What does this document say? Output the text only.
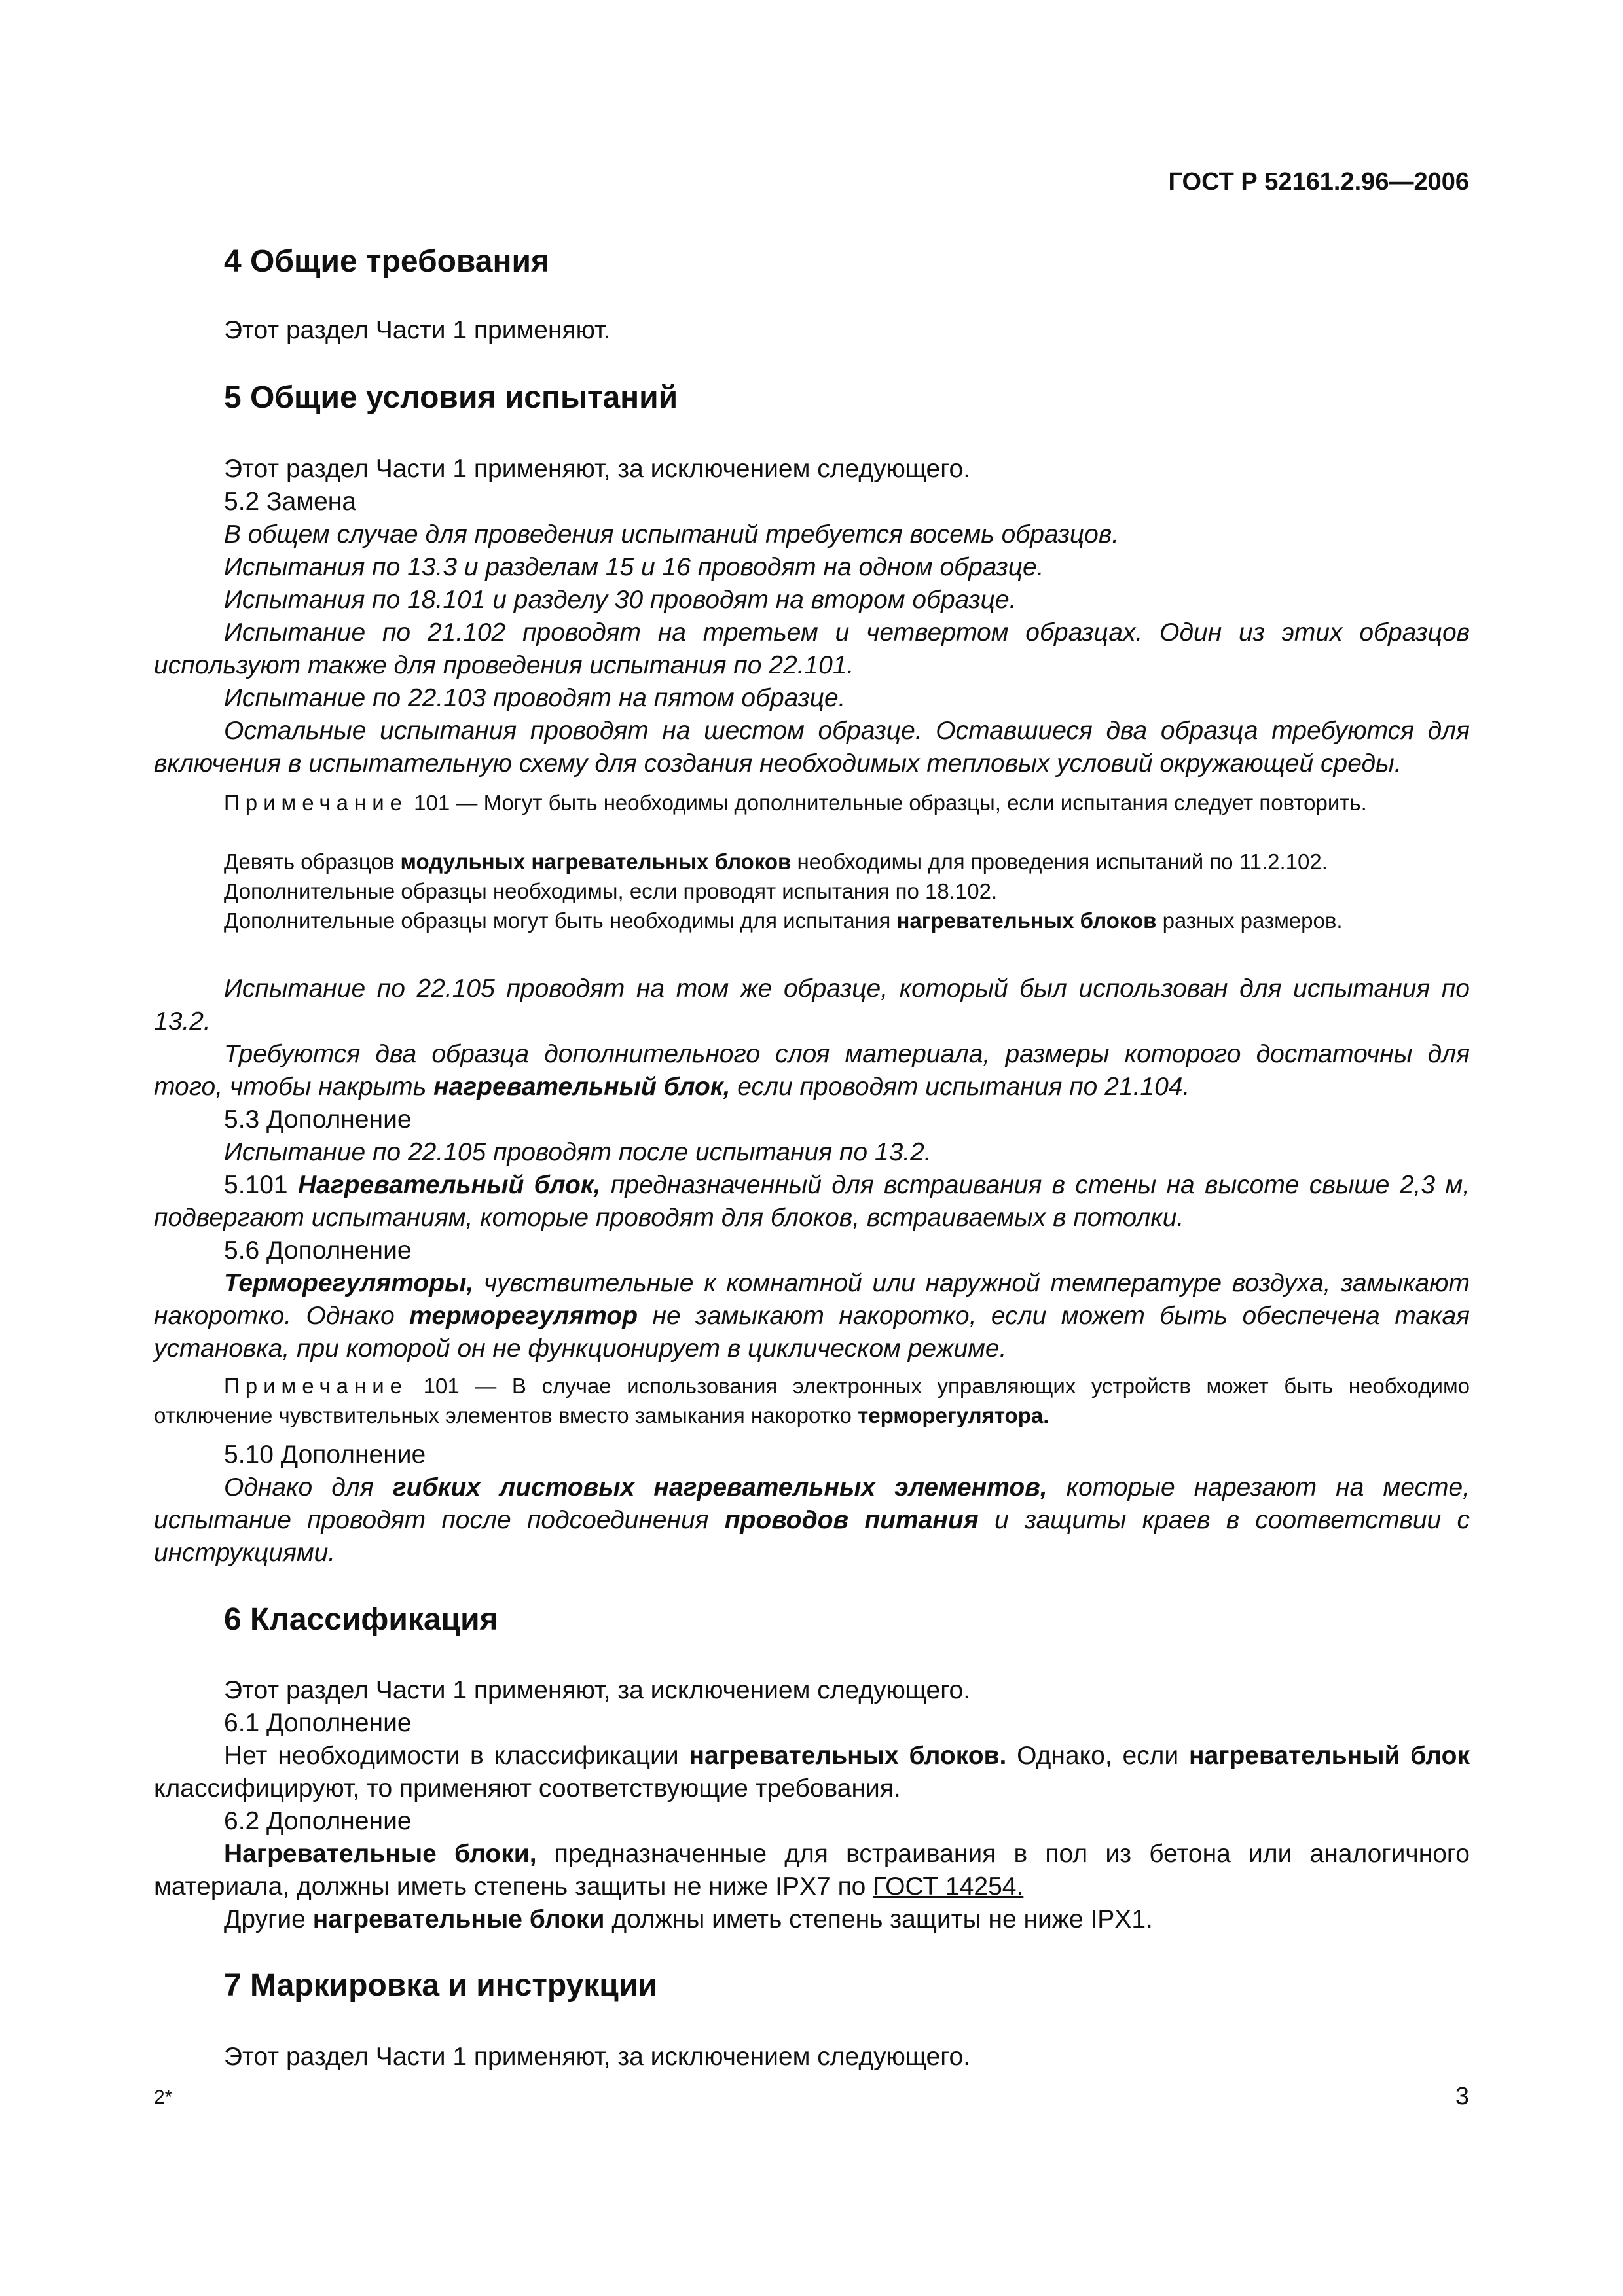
ГОСТ Р 52161.2.96—2006
4 Общие требования

Этот раздел Части 1 применяют.

5 Общие условия испытаний

Этот раздел Части 1 применяют, за исключением следующего.

5.2 Замена

В общем случае для проведения испытаний требуется восемь образцов.

Испытания по 13.3 и разделам 15 и 16 проводят на одном образце.

Испытания по 18.101 и разделу 30 проводят на втором образце.

Испытание по 21.102 проводят на третьем и четвертом образцах. Один из этих образцов используют также для проведения испытания по 22.101.

Испытание по 22.103 проводят на пятом образце.

Остальные испытания проводят на шестом образце. Оставшиеся два образца требуются для включения в испытательную схему для создания необходимых тепловых условий окружающей среды.

Примечание 101 — Могут быть необходимы дополнительные образцы, если испытания следует повторить.

Девять образцов модульных нагревательных блоков необходимы для проведения испытаний по 11.2.102.

Дополнительные образцы необходимы, если проводят испытания по 18.102.

Дополнительные образцы могут быть необходимы для испытания нагревательных блоков разных размеров.

Испытание по 22.105 проводят на том же образце, который был использован для испытания по 13.2.

Требуются два образца дополнительного слоя материала, размеры которого достаточны для того, чтобы накрыть нагревательный блок, если проводят испытания по 21.104.

5.3 Дополнение

Испытание по 22.105 проводят после испытания по 13.2.

5.101 Нагревательный блок, предназначенный для встраивания в стены на высоте свыше 2,3 м, подвергают испытаниям, которые проводят для блоков, встраиваемых в потолки.

5.6 Дополнение

Терморегуляторы, чувствительные к комнатной или наружной температуре воздуха, замыкают накоротко. Однако терморегулятор не замыкают накоротко, если может быть обеспечена такая установка, при которой он не функционирует в циклическом режиме.

Примечание 101 — В случае использования электронных управляющих устройств может быть необходимо отключение чувствительных элементов вместо замыкания накоротко терморегулятора.

5.10 Дополнение

Однако для гибких листовых нагревательных элементов, которые нарезают на месте, испытание проводят после подсоединения проводов питания и защиты краев в соответствии с инструкциями.

6 Классификация

Этот раздел Части 1 применяют, за исключением следующего.

6.1 Дополнение

Нет необходимости в классификации нагревательных блоков. Однако, если нагревательный блок классифицируют, то применяют соответствующие требования.

6.2 Дополнение

Нагревательные блоки, предназначенные для встраивания в пол из бетона или аналогичного материала, должны иметь степень защиты не ниже IPX7 по ГОСТ 14254.

Другие нагревательные блоки должны иметь степень защиты не ниже IPX1.

7 Маркировка и инструкции

Этот раздел Части 1 применяют, за исключением следующего.

2*	3
